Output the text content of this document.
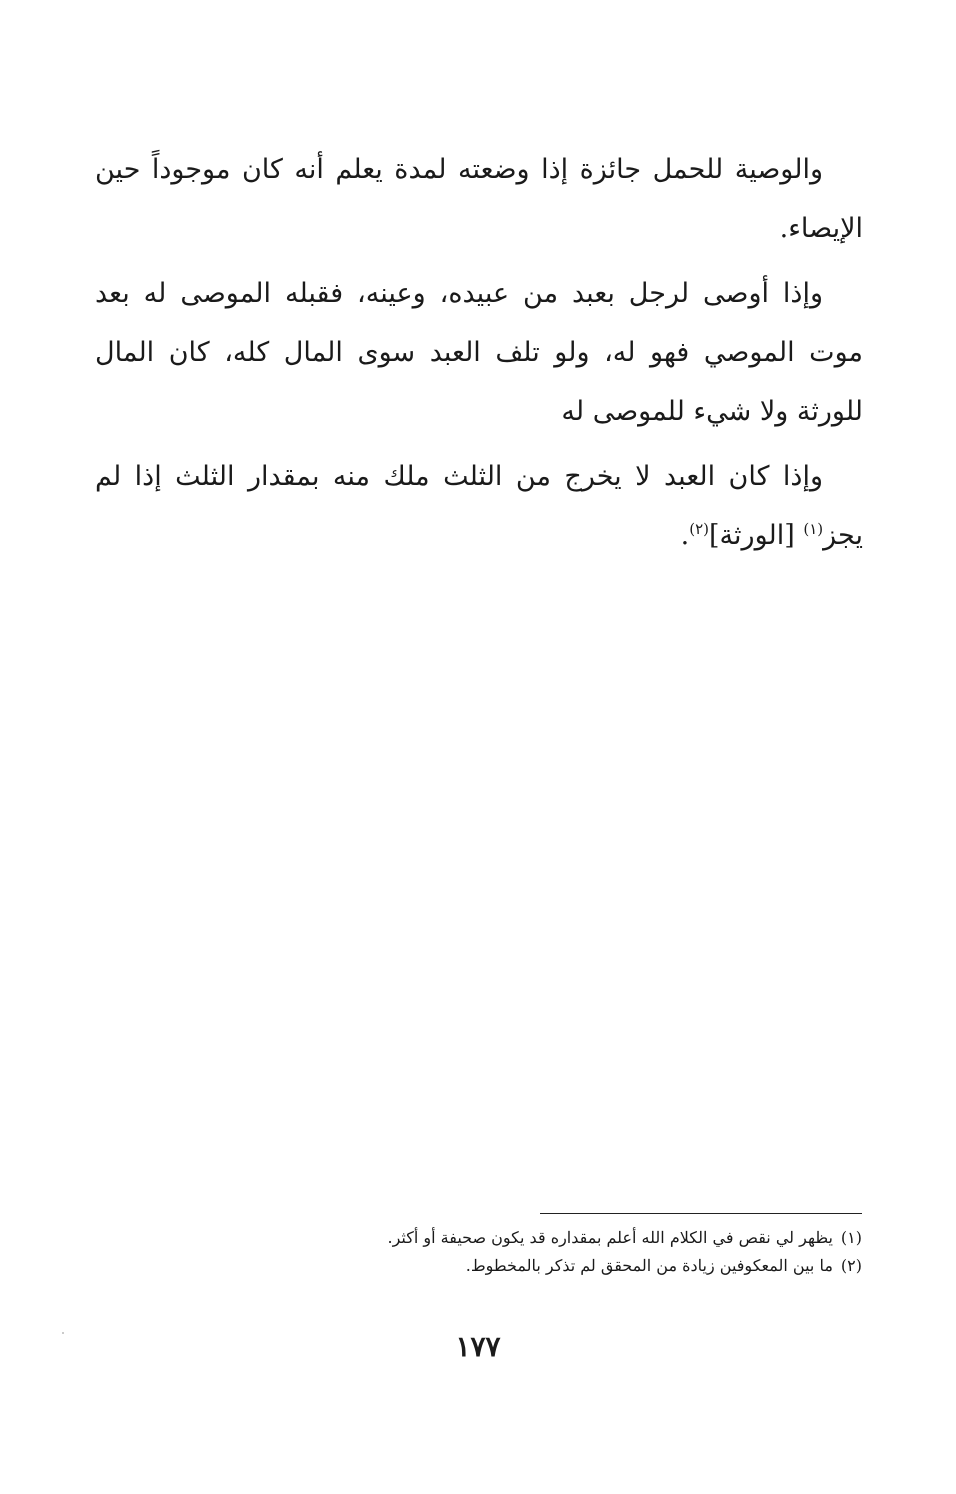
والوصية للحمل جائزة إذا وضعته لمدة يعلم أنه كان موجوداً حين الإيصاء.

وإذا أوصى لرجل بعبد من عبيده، وعينه، فقبله الموصى له بعد موت الموصي فهو له، ولو تلف العبد سوى المال كله، كان المال للورثة ولا شيء للموصى له

وإذا كان العبد لا يخرج من الثلث ملك منه بمقدار الثلث إذا لم يجز$^{(١)}$ [الورثة]$^{(٢)}$.

(١)يظهر لي نقص في الكلام الله أعلم بمقداره قد يكون صحيفة أو أكثر.

(٢)ما بين المعكوفين زيادة من المحقق لم تذكر بالمخطوط.

١٧٧
